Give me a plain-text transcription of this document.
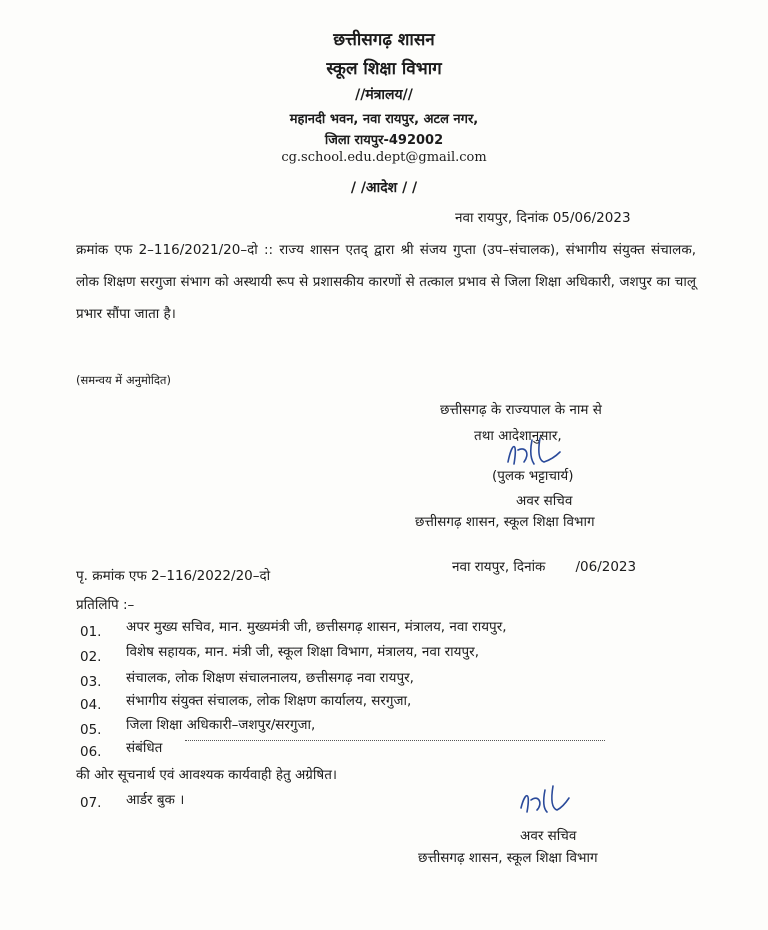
छत्तीसगढ़ शासन
स्कूल शिक्षा विभाग
//मंत्रालय//
महानदी भवन, नवा रायपुर, अटल नगर,
जिला रायपुर-492002
cg.school.edu.dept@gmail.com
/ /आदेश / /
नवा रायपुर, दिनांक 05/06/2023
क्रमांक एफ 2–116/2021/20–दो :: राज्य शासन एतद् द्वारा श्री संजय गुप्ता (उप–संचालक), संभागीय संयुक्त संचालक, लोक शिक्षण सरगुजा संभाग को अस्थायी रूप से प्रशासकीय कारणों से तत्काल प्रभाव से जिला शिक्षा अधिकारी, जशपुर का चालू प्रभार सौंपा जाता है।
(समन्वय में अनुमोदित)
छत्तीसगढ़ के राज्यपाल के नाम से
तथा आदेशानुसार,
(पुलक भट्टाचार्य)
अवर सचिव
छत्तीसगढ़ शासन, स्कूल शिक्षा विभाग
पृ. क्रमांक एफ 2–116/2022/20–दो
नवा रायपुर, दिनांक       /06/2023
प्रतिलिपि :–
01. अपर मुख्य सचिव, मान. मुख्यमंत्री जी, छत्तीसगढ़ शासन, मंत्रालय, नवा रायपुर,
02. विशेष सहायक, मान. मंत्री जी, स्कूल शिक्षा विभाग, मंत्रालय, नवा रायपुर,
03. संचालक, लोक शिक्षण संचालनालय, छत्तीसगढ़ नवा रायपुर,
04. संभागीय संयुक्त संचालक, लोक शिक्षण कार्यालय, सरगुजा,
05. जिला शिक्षा अधिकारी–जशपुर/सरगुजा,
06. संबंधित
की ओर सूचनार्थ एवं आवश्यक कार्यवाही हेतु अग्रेषित।
07. आर्डर बुक ।
अवर सचिव
छत्तीसगढ़ शासन, स्कूल शिक्षा विभाग
